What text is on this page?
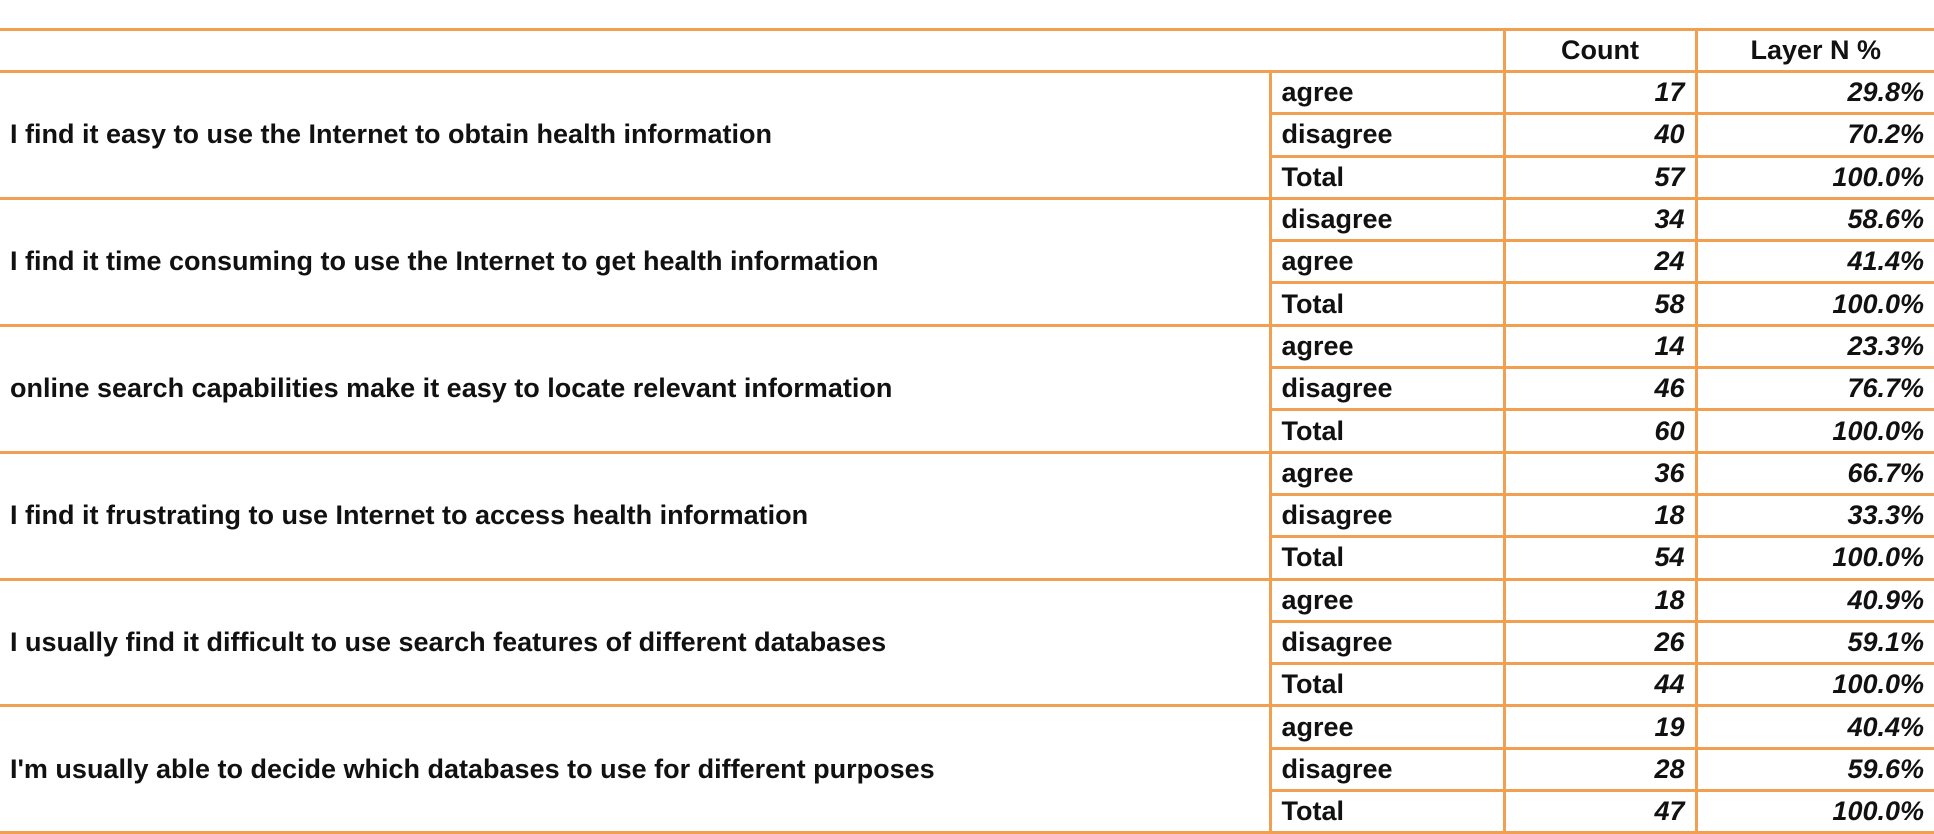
		Count	Layer N %
I find it easy to use the Internet to obtain health information	agree	17	29.8%
	disagree	40	70.2%
	Total	57	100.0%
I find it time consuming to use the Internet to get health information	disagree	34	58.6%
	agree	24	41.4%
	Total	58	100.0%
online search capabilities make it easy to locate relevant information	agree	14	23.3%
	disagree	46	76.7%
	Total	60	100.0%
I find it frustrating to use Internet to access health information	agree	36	66.7%
	disagree	18	33.3%
	Total	54	100.0%
I usually find it difficult to use search features of different databases	agree	18	40.9%
	disagree	26	59.1%
	Total	44	100.0%
I'm usually able to decide which databases to use for different purposes	agree	19	40.4%
	disagree	28	59.6%
	Total	47	100.0%
